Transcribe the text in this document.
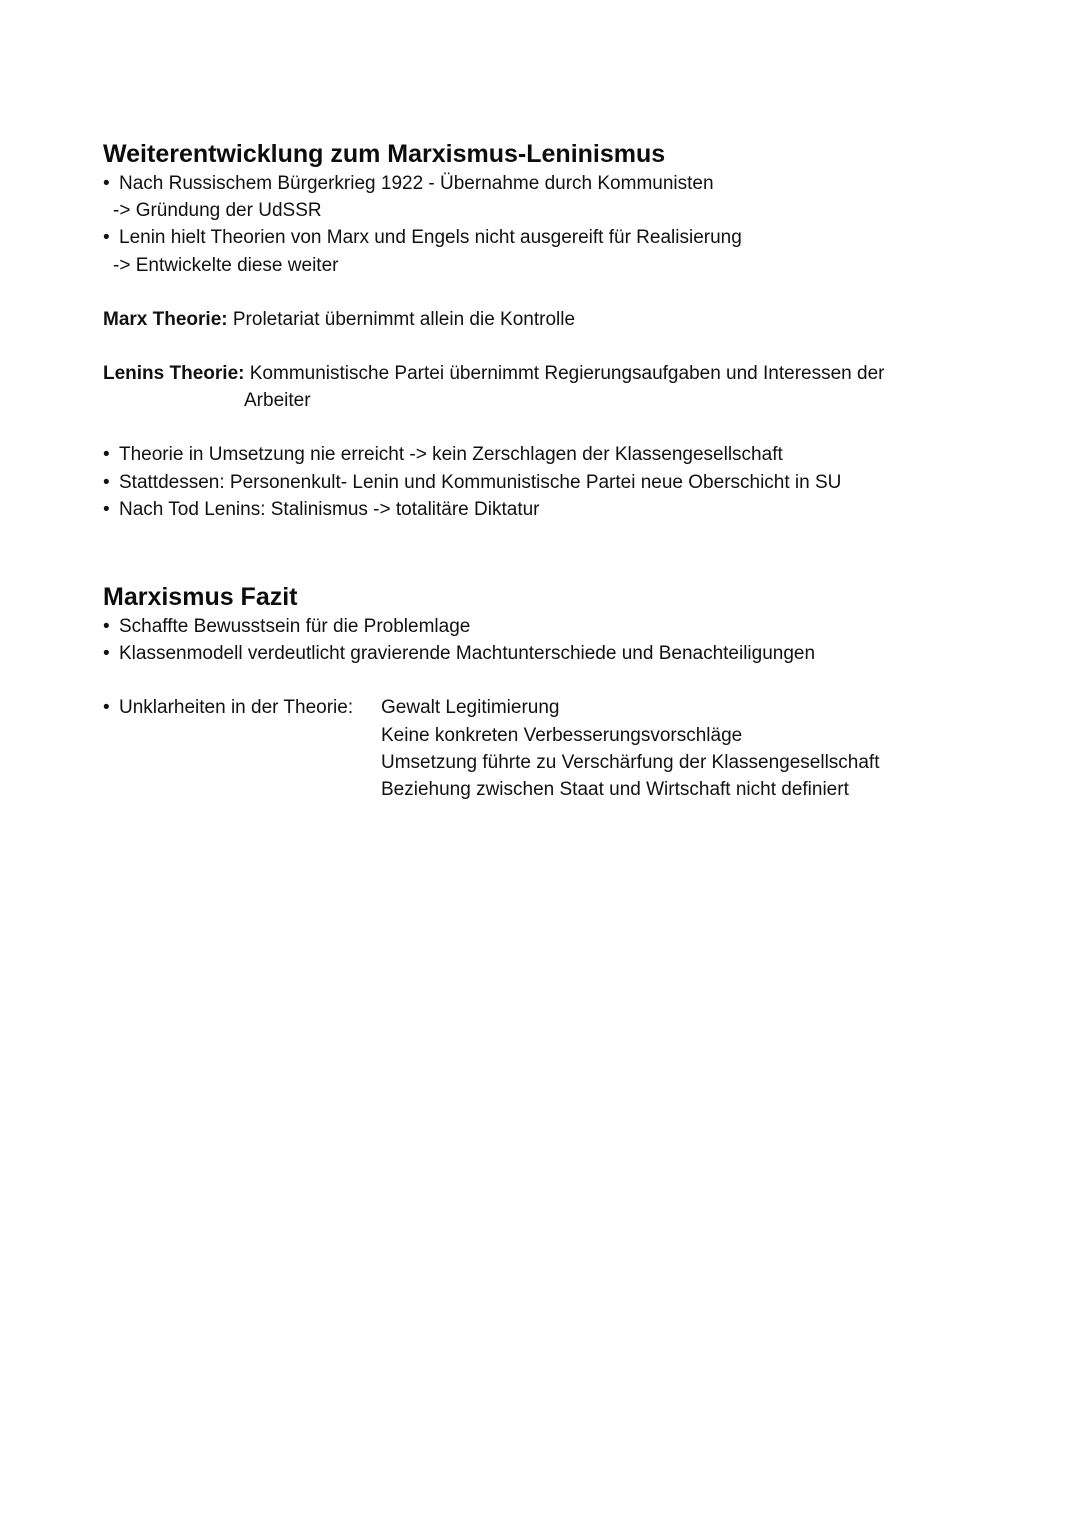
Weiterentwicklung zum Marxismus-Leninismus
• Nach Russischem Bürgerkrieg 1922 - Übernahme durch Kommunisten
-> Gründung der UdSSR
• Lenin hielt Theorien von Marx und Engels nicht ausgereift für Realisierung
-> Entwickelte diese weiter
Marx Theorie: Proletariat übernimmt allein die Kontrolle
Lenins Theorie: Kommunistische Partei übernimmt Regierungsaufgaben und Interessen der
Arbeiter
• Theorie in Umsetzung nie erreicht -> kein Zerschlagen der Klassengesellschaft
• Stattdessen: Personenkult- Lenin und Kommunistische Partei neue Oberschicht in SU
• Nach Tod Lenins: Stalinismus -> totalitäre Diktatur
Marxismus Fazit
• Schaffte Bewusstsein für die Problemlage
• Klassenmodell verdeutlicht gravierende Machtunterschiede und Benachteiligungen
• Unklarheiten in der Theorie:	Gewalt Legitimierung
Keine konkreten Verbesserungsvorschläge
Umsetzung führte zu Verschärfung der Klassengesellschaft
Beziehung zwischen Staat und Wirtschaft nicht definiert
